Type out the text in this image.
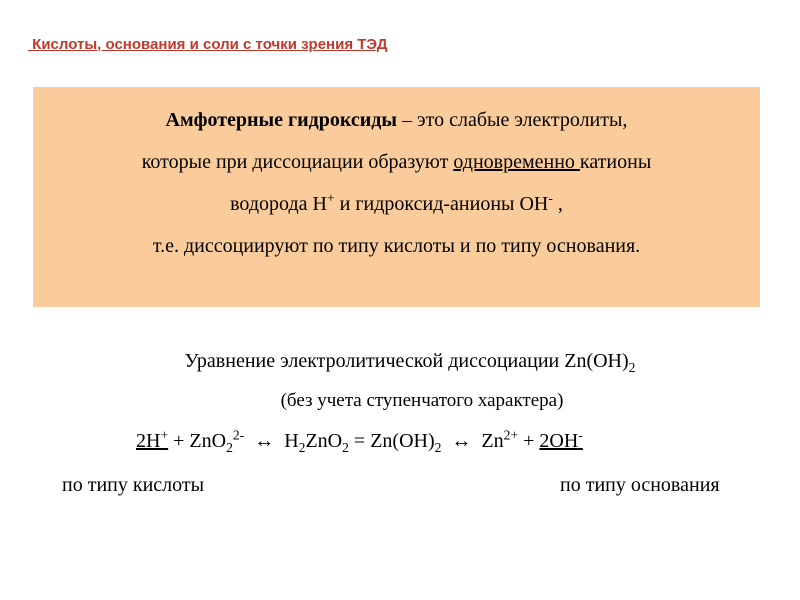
Кислоты, основания и соли с точки зрения ТЭД
Амфотерные гидроксиды – это слабые электролиты,
которые при диссоциации образуют одновременно катионы
водорода H+ и гидроксид-анионы OH- ,
т.е. диссоциируют по типу кислоты и по типу основания.
Уравнение электролитической диссоциации $Zn(OH)_2$
(без учета ступенчатого характера)
2H+ + ZnO$_2^{2-}$  ↔  $H_2ZnO_2 = Zn(OH)_2$  ↔  $Zn^{2+} + 2OH^-$
по типу кислоты	по типу основания
